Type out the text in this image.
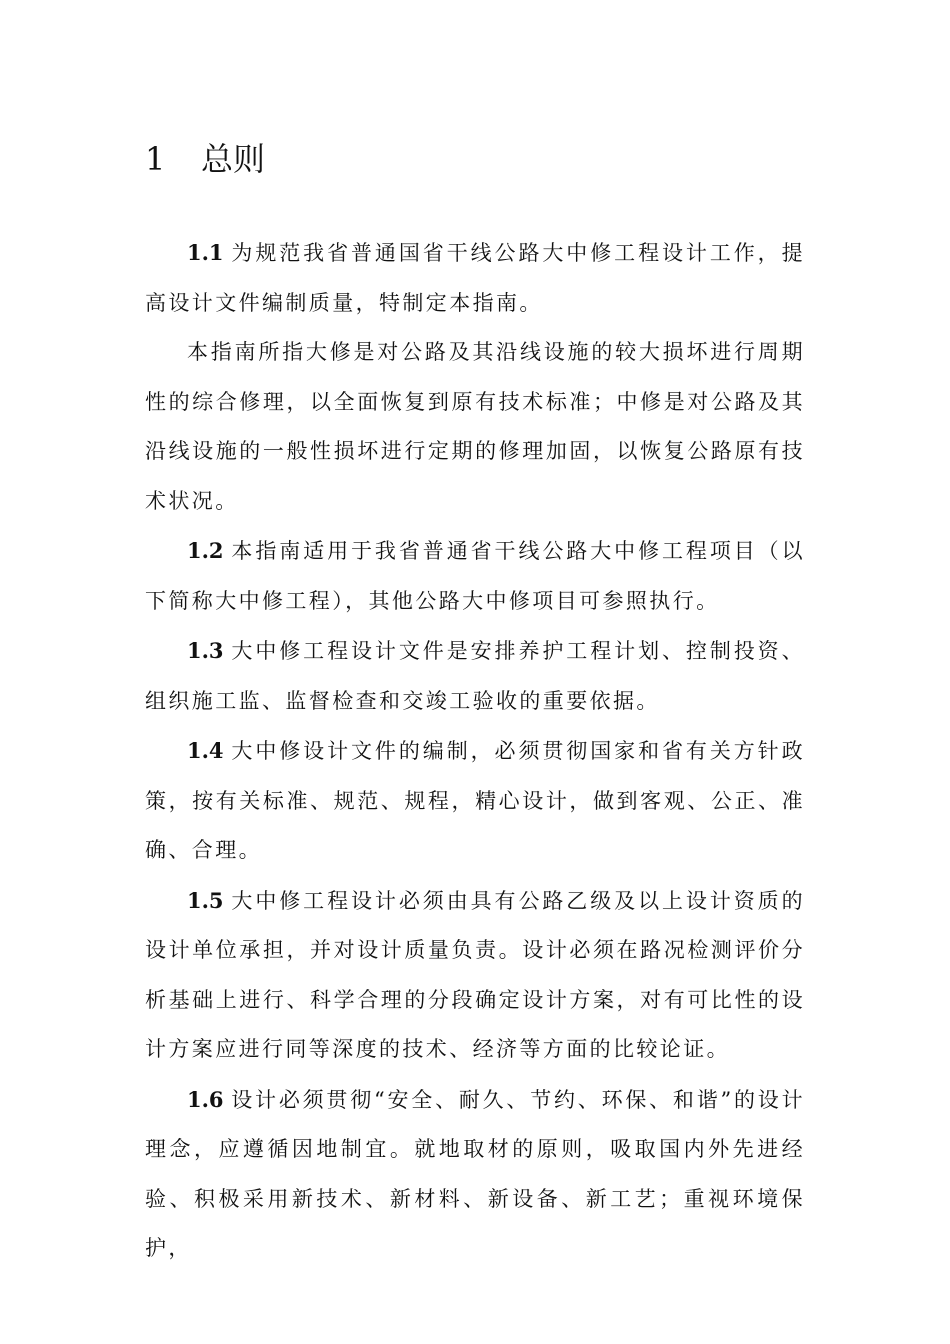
1 总则

1.1 为规范我省普通国省干线公路大中修工程设计工作，提高设计文件编制质量，特制定本指南。

本指南所指大修是对公路及其沿线设施的较大损坏进行周期性的综合修理，以全面恢复到原有技术标准；中修是对公路及其沿线设施的一般性损坏进行定期的修理加固，以恢复公路原有技术状况。

1.2 本指南适用于我省普通省干线公路大中修工程项目（以下简称大中修工程），其他公路大中修项目可参照执行。

1.3 大中修工程设计文件是安排养护工程计划、控制投资、组织施工监、监督检查和交竣工验收的重要依据。

1.4 大中修设计文件的编制，必须贯彻国家和省有关方针政策，按有关标准、规范、规程，精心设计，做到客观、公正、准确、合理。

1.5 大中修工程设计必须由具有公路乙级及以上设计资质的设计单位承担，并对设计质量负责。设计必须在路况检测评价分析基础上进行、科学合理的分段确定设计方案，对有可比性的设计方案应进行同等深度的技术、经济等方面的比较论证。

1.6 设计必须贯彻“安全、耐久、节约、环保、和谐”的设计理念，应遵循因地制宜。就地取材的原则，吸取国内外先进经验、积极采用新技术、新材料、新设备、新工艺；重视环境保护，
